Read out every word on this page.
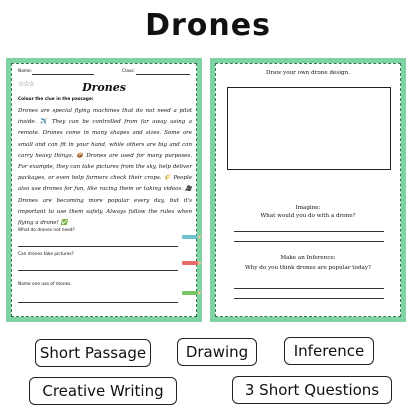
Drones
Name:	Class:
☆☆☆	Drones
Colour the clue in the passage:
Drones are special flying machines that do not need a pilot inside. ✈️ They can be controlled from far away using a remote. Drones come in many shapes and sizes. Some are small and can fit in your hand, while others are big and can carry heavy things. 📦 Drones are used for many purposes. For example, they can take pictures from the sky, help deliver packages, or even help farmers check their crops. 🌾 People also use drones for fun, like racing them or taking videos. 🎥 Drones are becoming more popular every day, but it's important to use them safely. Always follow the rules when flying a drone! ✅
What do drones not need?
Can drones take pictures?
Name one use of drones.
Draw your own drone design.
Imagine:
What would you do with a drone?
Make an Inference:
Why do you think drones are popular today?
Short Passage	Drawing	Inference
Creative Writing	3 Short Questions
